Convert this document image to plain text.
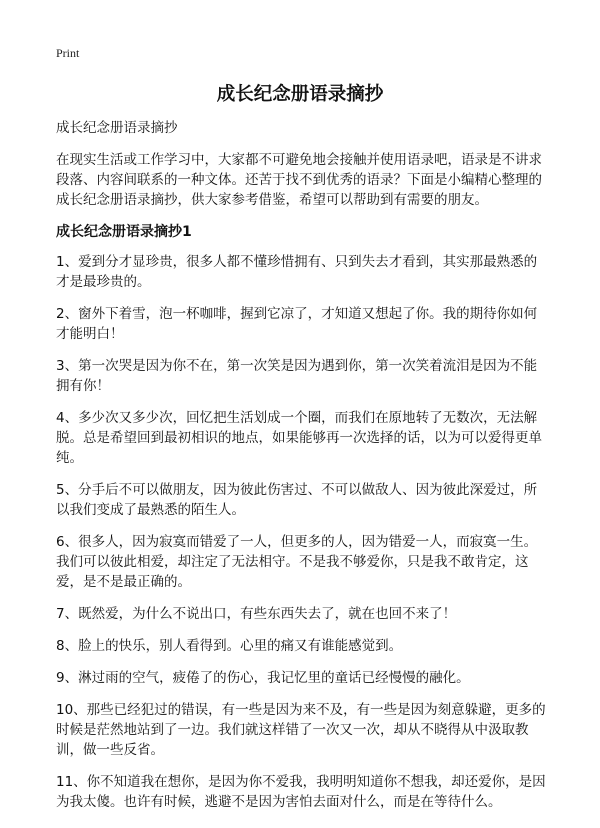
Print
成长纪念册语录摘抄

成长纪念册语录摘抄

在现实生活或工作学习中，大家都不可避免地会接触并使用语录吧，语录是不讲求段落、内容间联系的一种文体。还苦于找不到优秀的语录？下面是小编精心整理的成长纪念册语录摘抄，供大家参考借鉴，希望可以帮助到有需要的朋友。

成长纪念册语录摘抄1

1、爱到分才显珍贵，很多人都不懂珍惜拥有、只到失去才看到，其实那最熟悉的才是最珍贵的。

2、窗外下着雪，泡一杯咖啡，握到它凉了，才知道又想起了你。我的期待你如何才能明白！

3、第一次哭是因为你不在，第一次笑是因为遇到你，第一次笑着流泪是因为不能拥有你！

4、多少次又多少次，回忆把生活划成一个圈，而我们在原地转了无数次，无法解脱。总是希望回到最初相识的地点，如果能够再一次选择的话，以为可以爱得更单纯。

5、分手后不可以做朋友，因为彼此伤害过、不可以做敌人、因为彼此深爱过，所以我们变成了最熟悉的陌生人。

6、很多人，因为寂寞而错爱了一人，但更多的人，因为错爱一人，而寂寞一生。我们可以彼此相爱，却注定了无法相守。不是我不够爱你，只是我不敢肯定，这爱，是不是最正确的。

7、既然爱，为什么不说出口，有些东西失去了，就在也回不来了！

8、脸上的快乐，别人看得到。心里的痛又有谁能感觉到。

9、淋过雨的空气，疲倦了的伤心，我记忆里的童话已经慢慢的融化。

10、那些已经犯过的错误，有一些是因为来不及，有一些是因为刻意躲避，更多的时候是茫然地站到了一边。我们就这样错了一次又一次，却从不晓得从中汲取教训，做一些反省。

11、你不知道我在想你，是因为你不爱我，我明明知道你不想我，却还爱你，是因为我太傻。也许有时候，逃避不是因为害怕去面对什么，而是在等待什么。
